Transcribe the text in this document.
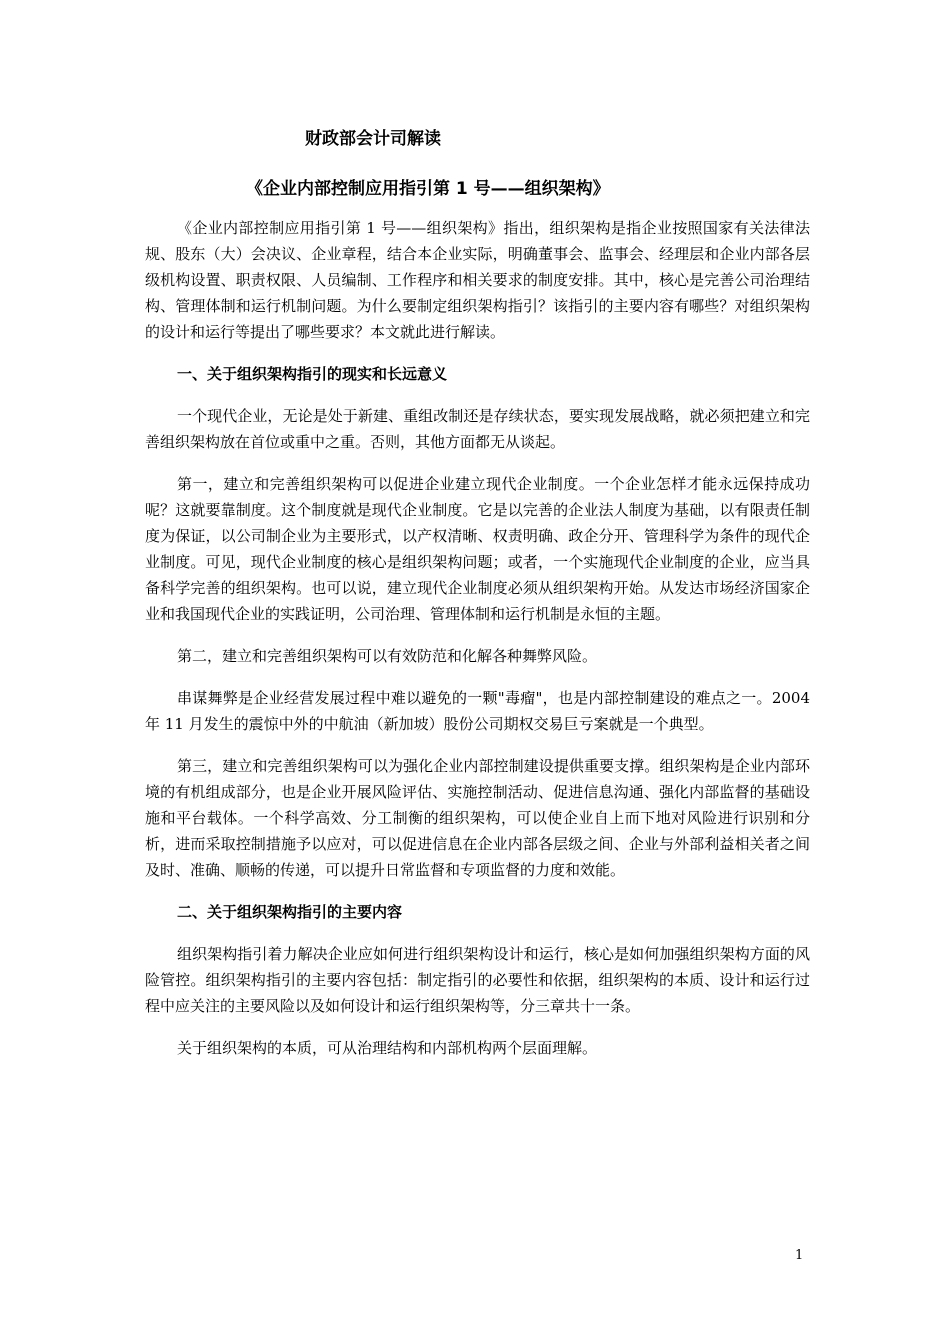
财政部会计司解读
《企业内部控制应用指引第 1 号——组织架构》

《企业内部控制应用指引第 1 号——组织架构》指出，组织架构是指企业按照国家有关法律法规、股东（大）会决议、企业章程，结合本企业实际，明确董事会、监事会、经理层和企业内部各层级机构设置、职责权限、人员编制、工作程序和相关要求的制度安排。其中，核心是完善公司治理结构、管理体制和运行机制问题。为什么要制定组织架构指引？该指引的主要内容有哪些？对组织架构的设计和运行等提出了哪些要求？本文就此进行解读。

一、关于组织架构指引的现实和长远意义

一个现代企业，无论是处于新建、重组改制还是存续状态，要实现发展战略，就必须把建立和完善组织架构放在首位或重中之重。否则，其他方面都无从谈起。

第一，建立和完善组织架构可以促进企业建立现代企业制度。一个企业怎样才能永远保持成功呢？这就要靠制度。这个制度就是现代企业制度。它是以完善的企业法人制度为基础，以有限责任制度为保证，以公司制企业为主要形式，以产权清晰、权责明确、政企分开、管理科学为条件的现代企业制度。可见，现代企业制度的核心是组织架构问题；或者，一个实施现代企业制度的企业，应当具备科学完善的组织架构。也可以说，建立现代企业制度必须从组织架构开始。从发达市场经济国家企业和我国现代企业的实践证明，公司治理、管理体制和运行机制是永恒的主题。

第二，建立和完善组织架构可以有效防范和化解各种舞弊风险。

串谋舞弊是企业经营发展过程中难以避免的一颗"毒瘤"，也是内部控制建设的难点之一。2004 年 11 月发生的震惊中外的中航油（新加坡）股份公司期权交易巨亏案就是一个典型。

第三，建立和完善组织架构可以为强化企业内部控制建设提供重要支撑。组织架构是企业内部环境的有机组成部分，也是企业开展风险评估、实施控制活动、促进信息沟通、强化内部监督的基础设施和平台载体。一个科学高效、分工制衡的组织架构，可以使企业自上而下地对风险进行识别和分析，进而采取控制措施予以应对，可以促进信息在企业内部各层级之间、企业与外部利益相关者之间及时、准确、顺畅的传递，可以提升日常监督和专项监督的力度和效能。

二、关于组织架构指引的主要内容

组织架构指引着力解决企业应如何进行组织架构设计和运行，核心是如何加强组织架构方面的风险管控。组织架构指引的主要内容包括：制定指引的必要性和依据，组织架构的本质、设计和运行过程中应关注的主要风险以及如何设计和运行组织架构等，分三章共十一条。

关于组织架构的本质，可从治理结构和内部机构两个层面理解。

1
